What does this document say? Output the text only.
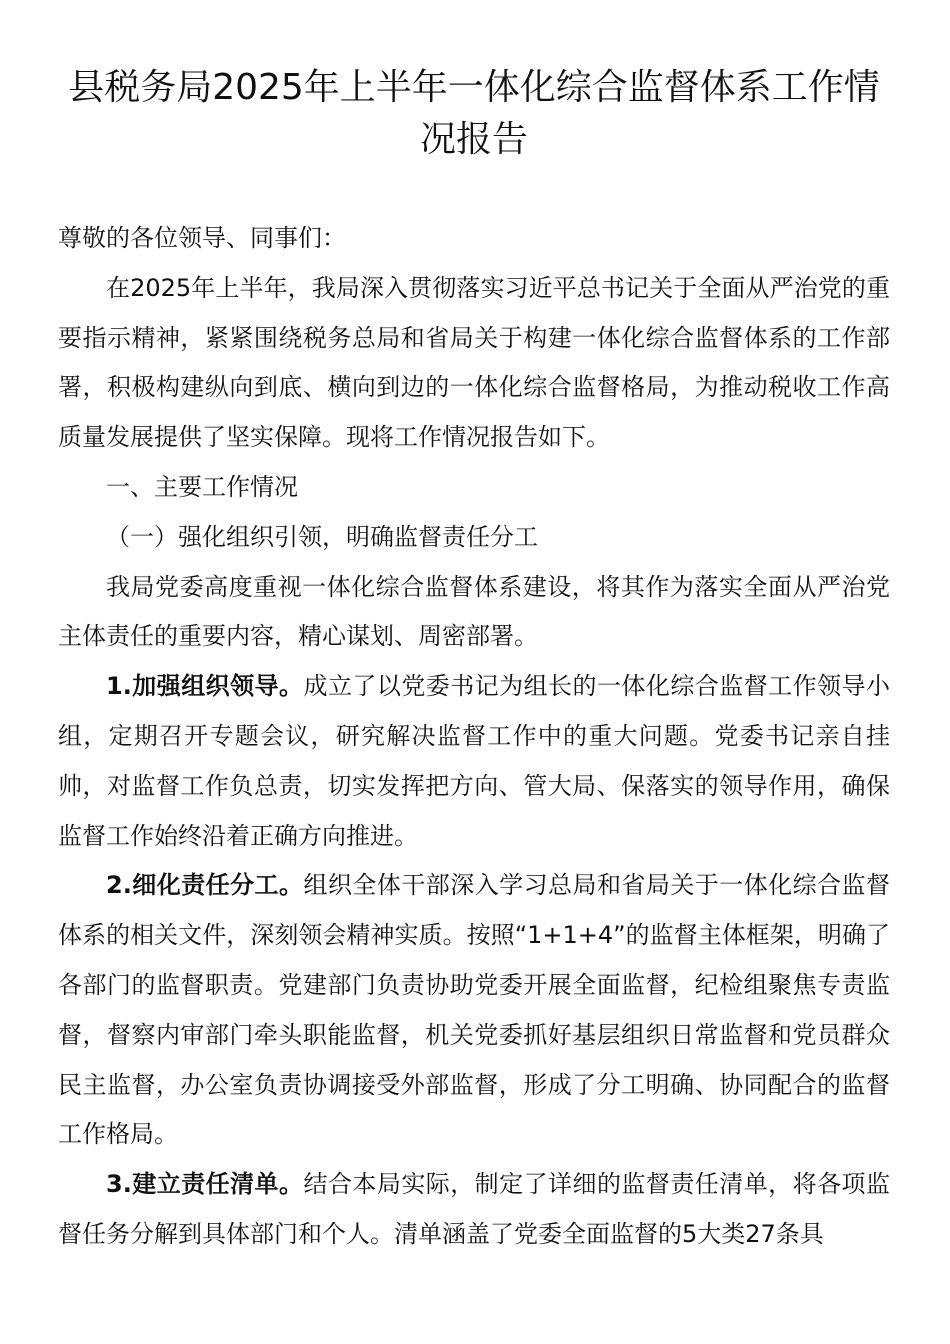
县税务局2025年上半年一体化综合监督体系工作情况报告

尊敬的各位领导、同事们：

在2025年上半年，我局深入贯彻落实习近平总书记关于全面从严治党的重要指示精神，紧紧围绕税务总局和省局关于构建一体化综合监督体系的工作部署，积极构建纵向到底、横向到边的一体化综合监督格局，为推动税收工作高质量发展提供了坚实保障。现将工作情况报告如下。

一、主要工作情况

（一）强化组织引领，明确监督责任分工

我局党委高度重视一体化综合监督体系建设，将其作为落实全面从严治党主体责任的重要内容，精心谋划、周密部署。

1.加强组织领导。成立了以党委书记为组长的一体化综合监督工作领导小组，定期召开专题会议，研究解决监督工作中的重大问题。党委书记亲自挂帅，对监督工作负总责，切实发挥把方向、管大局、保落实的领导作用，确保监督工作始终沿着正确方向推进。

2.细化责任分工。组织全体干部深入学习总局和省局关于一体化综合监督体系的相关文件，深刻领会精神实质。按照“1+1+4”的监督主体框架，明确了各部门的监督职责。党建部门负责协助党委开展全面监督，纪检组聚焦专责监督，督察内审部门牵头职能监督，机关党委抓好基层组织日常监督和党员群众民主监督，办公室负责协调接受外部监督，形成了分工明确、协同配合的监督工作格局。

3.建立责任清单。结合本局实际，制定了详细的监督责任清单，将各项监督任务分解到具体部门和个人。清单涵盖了党委全面监督的5大类27条具
